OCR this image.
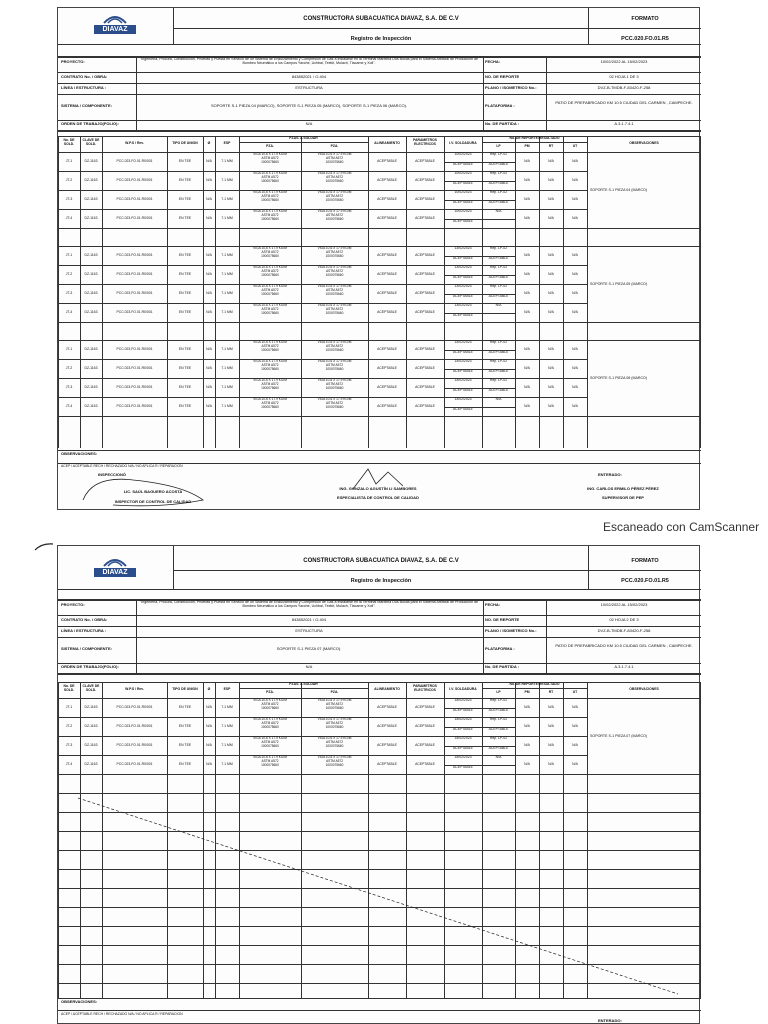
DIAVAZ
CONSTRUCTORA SUBACUATICA DIAVAZ, S.A. DE C.V
Registro de Inspección
FORMATO
PCC.020.FO.01.R5
PROYECTO:	"Ingeniería, Procura, Construcción, Pruebas y Puesta en Servicio de un Sistema de Endulzamiento y Compresión de Gas a Instalarse en la Terminal Marítima Dos Bocas para el Sistema Artificial de Producción de Bombeo Neumático a los Campos Yaxche, Uchbal, Teekit, Mulach, Tlacame y Xoil".
CONTRATO No. / OBRA:	843852021 / O.404
LÍNEA / ESTRUCTURA :	ESTRUCTURA
SISTEMA / COMPONENTE:	SOPORTE S-1 PIEZA 04 (MARCO), SOPORTE S-1 PIEZA 05 (MARCO), SOPORTE S-1 PIEZA 06 (MARCO).
ORDEN DE TRABAJO(FOLIO):	N/A
FECHA:	10/02/2022 AL 15/02/2023
NO. DE REPORTE	02 HOJA 1 DE 3
PLANO / ISOMETRICO No.:	DVZ-B-TMDB-F-83420-F-258
PLATAFORMA :
PATIO DE PREFABRICADO KM 10.5 CIUDAD DEL CARMEN , CAMPECHE.
No. DE PARTIDA :	A.3.1.7.4.1
No. DE SOLD.
CLAVE DE SOLD.	W.P.S / Rev.	TIPO DE UNION	Ø	ESP
PZAS. A SOLDAR
PZA.	PZA.
ALINEAMIENTO
PARAMETROS ELECTRICOS	I.V. SOLDADURA
No. DE REPORTE/RESULTADO
LP	PM	RT	UT
OBSERVACIONES
JT-1	DZ-1163	PCC.023.FO.01.R0/001	EN TEE	N/A	7.1 MM
VIGA 10-6 X 17.9 KG/M
ASTM A572
1000075660
VIGA 10-6 X 17.9 KG/M
ASTM A572
1000075660	ACEPTABLE	ACEPTABLE
10/02/2023
ACEPTABLE
Rep. LP-02
ACEPTABLE
N/A	N/A	N/A
JT-2	DZ-1163	PCC.023.FO.01.R0/001	EN TEE	N/A	7.1 MM
VIGA 10-6 X 17.9 KG/M
ASTM A572
1000075660
VIGA 10-6 X 17.9 KG/M
ASTM A572
1000075660	ACEPTABLE	ACEPTABLE
10/02/2023
ACEPTABLE
Rep. LP-02
ACEPTABLE
N/A	N/A	N/A
JT-3	DZ-1163	PCC.023.FO.01.R0/001	EN TEE	N/A	7.1 MM
VIGA 10-6 X 17.9 KG/M
ASTM A572
1000075660
VIGA 10-6 X 17.9 KG/M
ASTM A572
1000075660	ACEPTABLE	ACEPTABLE
10/02/2023
ACEPTABLE
Rep. LP-02
ACEPTABLE
N/A	N/A	N/A
JT-4	DZ-1163	PCC.023.FO.01.R0/001	EN TEE	N/A	7.1 MM
VIGA 10-6 X 17.9 KG/M
ASTM A572
1000075660
VIGA 10-6 X 17.9 KG/M
ASTM A572
1000075660	ACEPTABLE	ACEPTABLE
10/02/2023
ACEPTABLE
N/A
N/A	N/A	N/A
SOPORTE S-1 PIEZA 04 (MARCO)
JT-1	DZ-1163	PCC.023.FO.01.R0/001	EN TEE	N/A	7.1 MM
VIGA 10-6 X 17.9 KG/M
ASTM A572
1000075660
VIGA 10-6 X 17.9 KG/M
ASTM A572
1000075660	ACEPTABLE	ACEPTABLE
13/02/2023
ACEPTABLE
Rep. LP-02
ACEPTABLE
N/A	N/A	N/A
JT-2	DZ-1163	PCC.023.FO.01.R0/001	EN TEE	N/A	7.1 MM
VIGA 10-6 X 17.9 KG/M
ASTM A572
1000075660
VIGA 10-6 X 17.9 KG/M
ASTM A572
1000075660	ACEPTABLE	ACEPTABLE
13/02/2023
ACEPTABLE
Rep. LP-02
ACEPTABLE
N/A	N/A	N/A
JT-3	DZ-1163	PCC.023.FO.01.R0/001	EN TEE	N/A	7.1 MM
VIGA 10-6 X 17.9 KG/M
ASTM A572
1000075660
VIGA 10-6 X 17.9 KG/M
ASTM A572
1000075660	ACEPTABLE	ACEPTABLE
13/02/2023
ACEPTABLE
Rep. LP-02
ACEPTABLE
N/A	N/A	N/A
JT-4	DZ-1163	PCC.023.FO.01.R0/001	EN TEE	N/A	7.1 MM
VIGA 10-6 X 17.9 KG/M
ASTM A572
1000075660
VIGA 10-6 X 17.9 KG/M
ASTM A572
1000075660	ACEPTABLE	ACEPTABLE
13/02/2023
ACEPTABLE
N/A
N/A	N/A	N/A
SOPORTE S-1 PIEZA 05 (MARCO)
JT-1	DZ-1163	PCC.023.FO.01.R0/001	EN TEE	N/A	7.1 MM
VIGA 10-6 X 17.9 KG/M
ASTM A572
1000075660
VIGA 10-6 X 17.9 KG/M
ASTM A572
1000075660	ACEPTABLE	ACEPTABLE
14/02/2023
ACEPTABLE
Rep. LP-02
ACEPTABLE
N/A	N/A	N/A
JT-2	DZ-1163	PCC.023.FO.01.R0/001	EN TEE	N/A	7.1 MM
VIGA 10-6 X 17.9 KG/M
ASTM A572
1000075660
VIGA 10-6 X 17.9 KG/M
ASTM A572
1000075660	ACEPTABLE	ACEPTABLE
14/02/2023
ACEPTABLE
Rep. LP-02
ACEPTABLE
N/A	N/A	N/A
JT-3	DZ-1163	PCC.023.FO.01.R0/001	EN TEE	N/A	7.1 MM
VIGA 10-6 X 17.9 KG/M
ASTM A572
1000075660
VIGA 10-6 X 17.9 KG/M
ASTM A572
1000075660	ACEPTABLE	ACEPTABLE
14/02/2023
ACEPTABLE
Rep. LP-02
ACEPTABLE
N/A	N/A	N/A
JT-4	DZ-1163	PCC.023.FO.01.R0/001	EN TEE	N/A	7.1 MM
VIGA 10-6 X 17.9 KG/M
ASTM A572
1000075660
VIGA 10-6 X 17.9 KG/M
ASTM A572
1000075660	ACEPTABLE	ACEPTABLE
14/02/2023
ACEPTABLE
N/A
N/A	N/A	N/A
SOPORTE S-1 PIEZA 06 (MARCO)
OBSERVACIONES:
ACEP / ACEPTABLE RECH / RECHAZADO N/A / NO APLICA R / REPARACION
INSPECCIONÓ	ENTERADO:
LIC. SAÚL BAGUERO ACOSTA
INSPECTOR DE CONTROL DE CALIDAD
ING. GONZALO AGUSTÍN LI SAMBORES
ESPECIALISTA DE CONTROL DE CALIDAD
ING. CARLOS ERMILO PÉREZ PÉREZ
SUPERVISOR DE PEP
Escaneado con CamScanner
DIAVAZ
CONSTRUCTORA SUBACUATICA DIAVAZ, S.A. DE C.V
Registro de Inspección
FORMATO
PCC.020.FO.01.R5
PROYECTO:	"Ingeniería, Procura, Construcción, Pruebas y Puesta en Servicio de un Sistema de Endulzamiento y Compresión de Gas a Instalarse en la Terminal Marítima Dos Bocas para el Sistema Artificial de Producción de Bombeo Neumático a los Campos Yaxche, Uchbal, Teekit, Mulach, Tlacame y Xoil".
CONTRATO No. / OBRA:	843852021 / O.404
LÍNEA / ESTRUCTURA :	ESTRUCTURA
SISTEMA / COMPONENTE:	SOPORTE S-1 PIEZA 07 (MARCO).
ORDEN DE TRABAJO(FOLIO):	N/A
FECHA:	10/02/2022 AL 15/02/2023
NO. DE REPORTE	02 HOJA 2 DE 3
PLANO / ISOMETRICO No.:	DVZ-B-TMDB-F-83420-F-258
PLATAFORMA :
PATIO DE PREFABRICADO KM 10.5 CIUDAD DEL CARMEN , CAMPECHE.
No. DE PARTIDA :	A.3.1.7.4.1
No. DE SOLD.
CLAVE DE SOLD.	W.P.S / Rev.	TIPO DE UNION	Ø	ESP
PZAS. A SOLDAR
PZA.	PZA.
ALINEAMIENTO
PARAMETROS ELECTRICOS	I.V. SOLDADURA
No. DE REPORTE/RESULTADO
LP	PM	RT	UT
OBSERVACIONES
JT-1	DZ-1163	PCC.023.FO.01.R0/001	EN TEE	N/A	7.1 MM
VIGA 10-6 X 17.9 KG/M
ASTM A572
1000075660
VIGA 10-6 X 17.9 KG/M
ASTM A572
1000075660	ACEPTABLE	ACEPTABLE
15/02/2023
ACEPTABLE
Rep. LP-02
ACEPTABLE
N/A	N/A	N/A
JT-2	DZ-1163	PCC.023.FO.01.R0/001	EN TEE	N/A	7.1 MM
VIGA 10-6 X 17.9 KG/M
ASTM A572
1000075660
VIGA 10-6 X 17.9 KG/M
ASTM A572
1000075660	ACEPTABLE	ACEPTABLE
15/02/2023
ACEPTABLE
Rep. LP-02
ACEPTABLE
N/A	N/A	N/A
JT-3	DZ-1163	PCC.023.FO.01.R0/001	EN TEE	N/A	7.1 MM
VIGA 10-6 X 17.9 KG/M
ASTM A572
1000075660
VIGA 10-6 X 17.9 KG/M
ASTM A572
1000075660	ACEPTABLE	ACEPTABLE
15/02/2023
ACEPTABLE
Rep. LP-02
ACEPTABLE
N/A	N/A	N/A
JT-4	DZ-1163	PCC.023.FO.01.R0/001	EN TEE	N/A	7.1 MM
VIGA 10-6 X 17.9 KG/M
ASTM A572
1000075660
VIGA 10-6 X 17.9 KG/M
ASTM A572
1000075660	ACEPTABLE	ACEPTABLE
15/02/2023
ACEPTABLE
N/A
N/A	N/A	N/A
SOPORTE S-1 PIEZA 07 (MARCO)
OBSERVACIONES:
ACEP / ACEPTABLE RECH / RECHAZADO N/A / NO APLICA R / REPARACION
ENTERADO:
